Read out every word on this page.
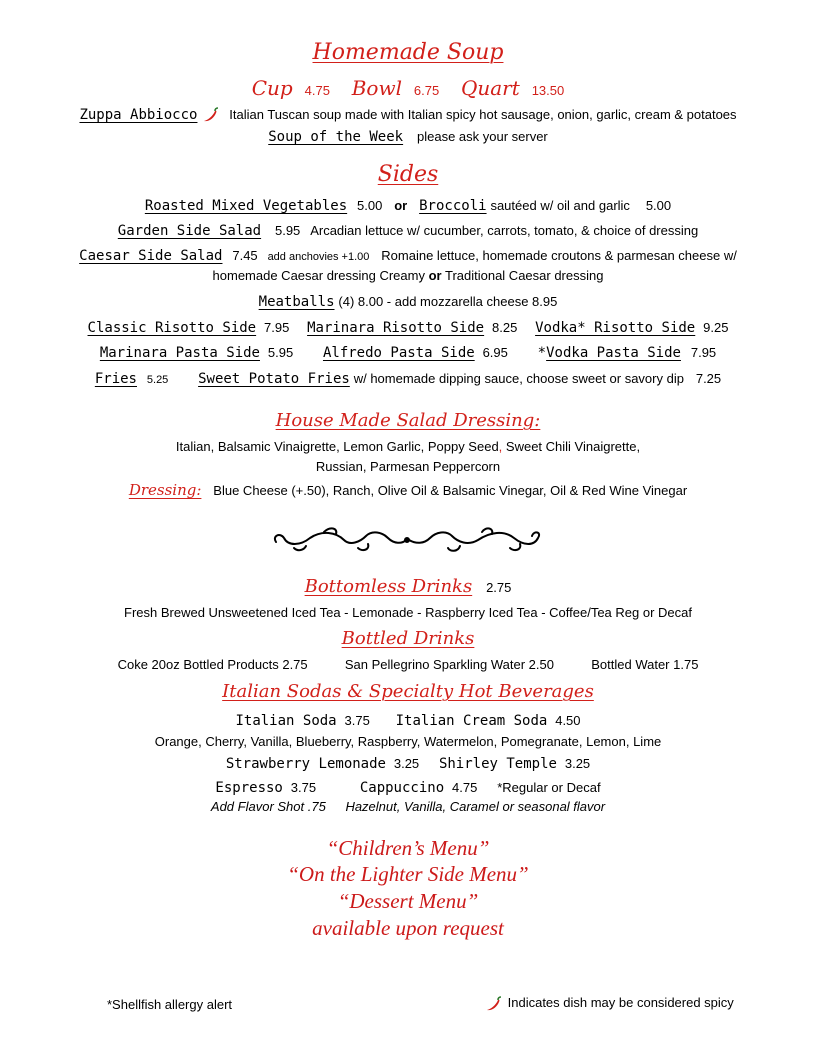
Homemade Soup
Cup 4.75 Bowl 6.75 Quart 13.50
Zuppa Abbiocco Italian Tuscan soup made with Italian spicy hot sausage, onion, garlic, cream & potatoes
Soup of the Week please ask your server
Sides
Roasted Mixed Vegetables 5.00 or Broccoli sautéed w/ oil and garlic 5.00
Garden Side Salad 5.95 Arcadian lettuce w/ cucumber, carrots, tomato, & choice of dressing
Caesar Side Salad 7.45 add anchovies +1.00 Romaine lettuce, homemade croutons & parmesan cheese w/
homemade Caesar dressing Creamy or Traditional Caesar dressing
Meatballs (4) 8.00 - add mozzarella cheese 8.95
Classic Risotto Side 7.95 Marinara Risotto Side 8.25 Vodka* Risotto Side 9.25
Marinara Pasta Side 5.95 Alfredo Pasta Side 6.95 *Vodka Pasta Side 7.95
Fries 5.25 Sweet Potato Fries w/ homemade dipping sauce, choose sweet or savory dip 7.25
House Made Salad Dressing:
Italian, Balsamic Vinaigrette, Lemon Garlic, Poppy Seed, Sweet Chili Vinaigrette,
Russian, Parmesan Peppercorn
Dressing: Blue Cheese (+.50), Ranch, Olive Oil & Balsamic Vinegar, Oil & Red Wine Vinegar
Bottomless Drinks 2.75
Fresh Brewed Unsweetened Iced Tea - Lemonade - Raspberry Iced Tea - Coffee/Tea Reg or Decaf
Bottled Drinks
Coke 20oz Bottled Products 2.75	San Pellegrino Sparkling Water 2.50	Bottled Water 1.75
Italian Sodas & Specialty Hot Beverages
Italian Soda 3.75 Italian Cream Soda 4.50
Orange, Cherry, Vanilla, Blueberry, Raspberry, Watermelon, Pomegranate, Lemon, Lime
Strawberry Lemonade 3.25 Shirley Temple 3.25
Espresso 3.75	Cappuccino 4.75 *Regular or Decaf
Add Flavor Shot .75 Hazelnut, Vanilla, Caramel or seasonal flavor
“Children’s Menu”
“On the Lighter Side Menu”
“Dessert Menu”
available upon request
*Shellfish allergy alert	Indicates dish may be considered spicy
